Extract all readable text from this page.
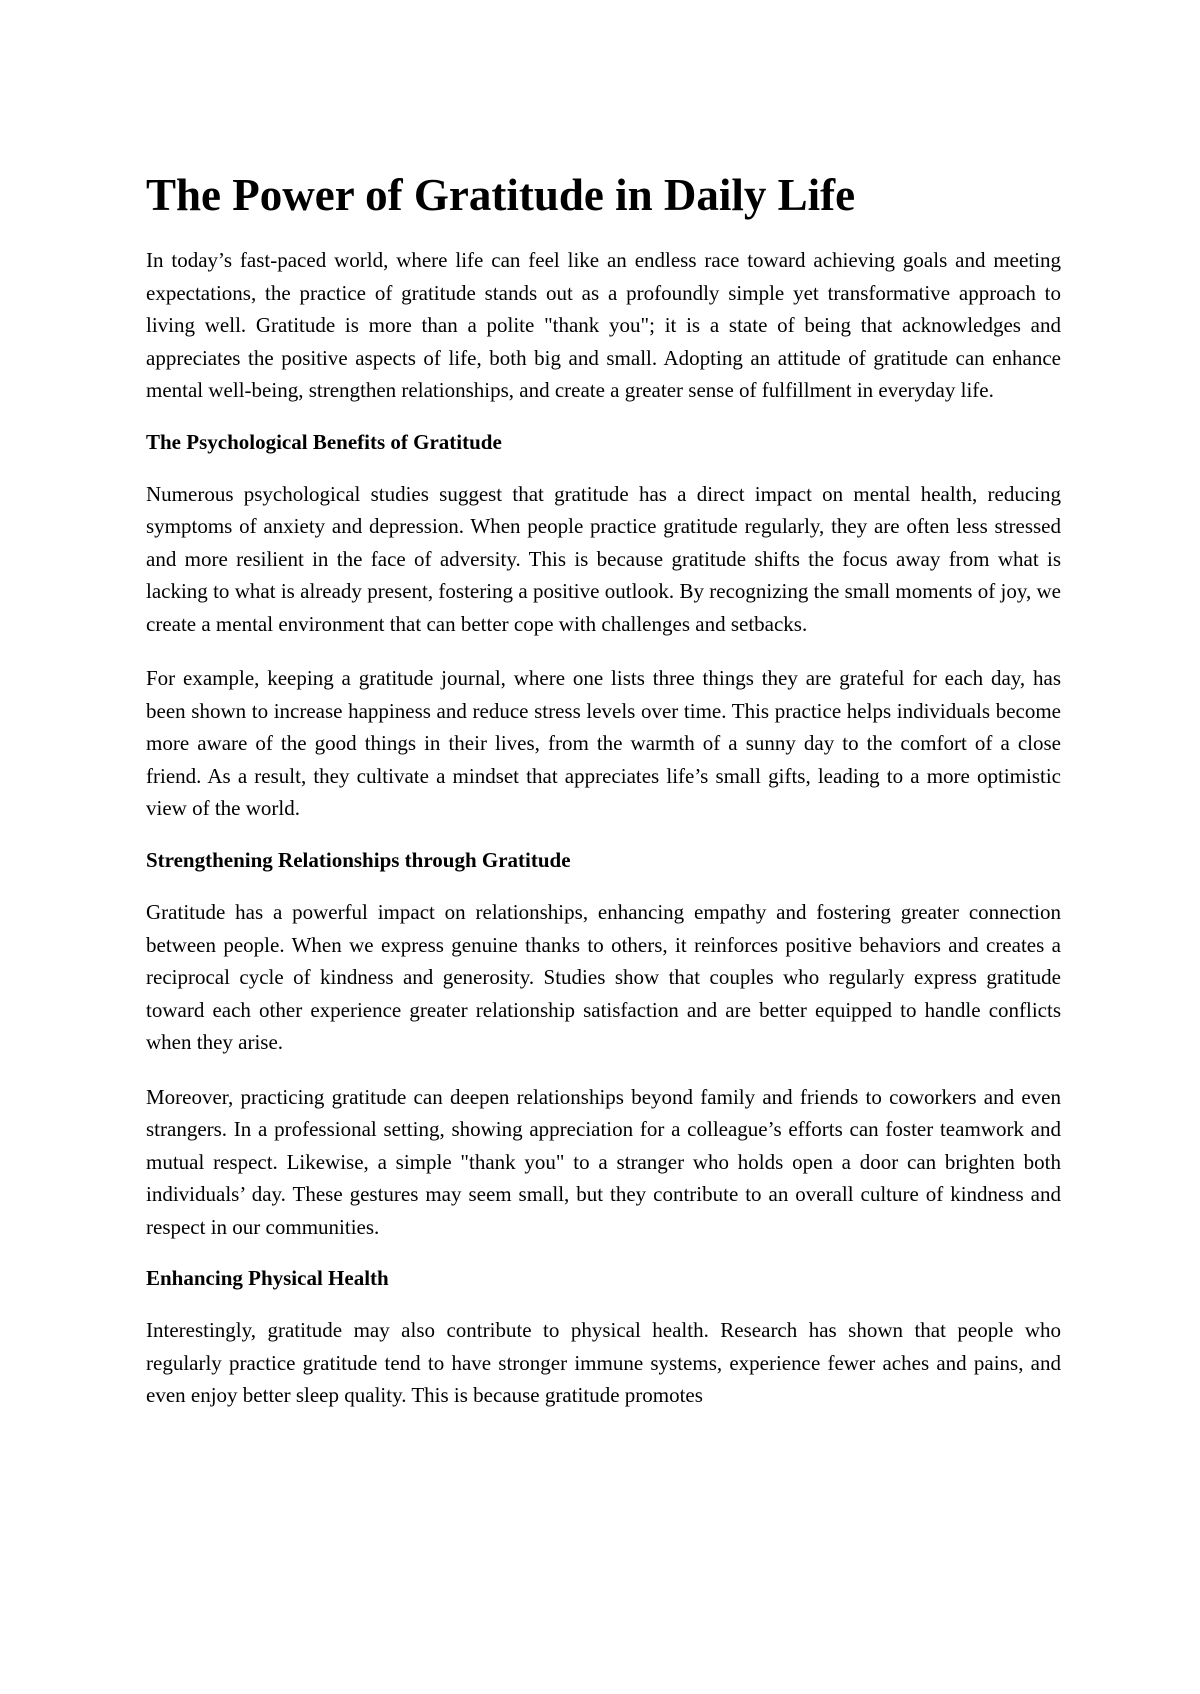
The Power of Gratitude in Daily Life

In today’s fast-paced world, where life can feel like an endless race toward achieving goals and meeting expectations, the practice of gratitude stands out as a profoundly simple yet transformative approach to living well. Gratitude is more than a polite "thank you"; it is a state of being that acknowledges and appreciates the positive aspects of life, both big and small. Adopting an attitude of gratitude can enhance mental well-being, strengthen relationships, and create a greater sense of fulfillment in everyday life.

The Psychological Benefits of Gratitude

Numerous psychological studies suggest that gratitude has a direct impact on mental health, reducing symptoms of anxiety and depression. When people practice gratitude regularly, they are often less stressed and more resilient in the face of adversity. This is because gratitude shifts the focus away from what is lacking to what is already present, fostering a positive outlook. By recognizing the small moments of joy, we create a mental environment that can better cope with challenges and setbacks.

For example, keeping a gratitude journal, where one lists three things they are grateful for each day, has been shown to increase happiness and reduce stress levels over time. This practice helps individuals become more aware of the good things in their lives, from the warmth of a sunny day to the comfort of a close friend. As a result, they cultivate a mindset that appreciates life’s small gifts, leading to a more optimistic view of the world.

Strengthening Relationships through Gratitude

Gratitude has a powerful impact on relationships, enhancing empathy and fostering greater connection between people. When we express genuine thanks to others, it reinforces positive behaviors and creates a reciprocal cycle of kindness and generosity. Studies show that couples who regularly express gratitude toward each other experience greater relationship satisfaction and are better equipped to handle conflicts when they arise.

Moreover, practicing gratitude can deepen relationships beyond family and friends to coworkers and even strangers. In a professional setting, showing appreciation for a colleague’s efforts can foster teamwork and mutual respect. Likewise, a simple "thank you" to a stranger who holds open a door can brighten both individuals’ day. These gestures may seem small, but they contribute to an overall culture of kindness and respect in our communities.

Enhancing Physical Health

Interestingly, gratitude may also contribute to physical health. Research has shown that people who regularly practice gratitude tend to have stronger immune systems, experience fewer aches and pains, and even enjoy better sleep quality. This is because gratitude promotes
